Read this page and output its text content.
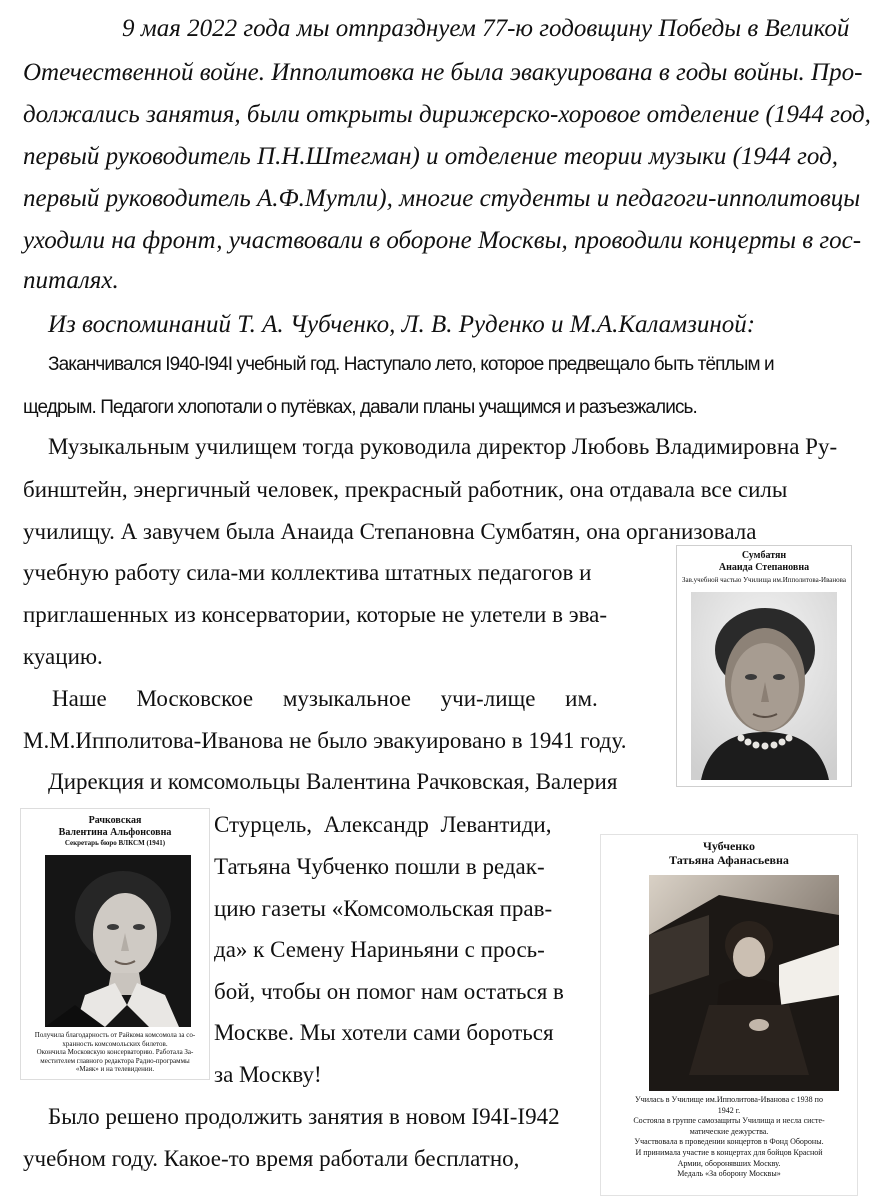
9 мая 2022 года мы отпразднуем 77-ю годовщину Победы в Великой
Отечественной войне. Ипполитовка не была эвакуирована в годы войны. Про-
должались занятия, были открыты дирижерско-хоровое отделение (1944 год,
первый руководитель П.Н.Штегман) и отделение теории музыки (1944 год,
первый руководитель А.Ф.Мутли), многие студенты и педагоги-ипполитовцы
уходили на фронт, участвовали в обороне Москвы, проводили концерты в гос-
питалях.
Из воспоминаний Т. А. Чубченко, Л. В. Руденко и М.А.Каламзиной:
Заканчивался I940-I94I учебный год. Наступало лето, которое предвещало быть тёплым и
щедрым. Педагоги хлопотали о путёвках, давали планы учащимся и разъезжались.
Музыкальным училищем тогда руководила директор Любовь Владимировна Ру-
бинштейн, энергичный человек, прекрасный работник, она отдавала все силы
училищу. А завучем была Анаида Степановна Сумбатян, она организовала
учебную работу сила-ми коллектива штатных педагогов и
приглашенных из консерватории, которые не улетели в эва-
куацию.
Наше Московское музыкальное учи-лище им.
М.М.Ипполитова-Иванова не было эвакуировано в 1941 году.
Дирекция и комсомольцы Валентина Рачковская, Валерия
Стурцель, Александр Левантиди,
Татьяна Чубченко пошли в редак-
цию газеты «Комсомольская прав-
да» к Семену Нариньяни с прось-
бой, чтобы он помог нам остаться в
Москве. Мы хотели сами бороться
за Москву!
Было решено продолжить занятия в новом I94I-I942
учебном году. Какое-то время работали бесплатно,
Сумбатян
Анаида Степановна
Зав.учебной частью Училища им.Ипполитова-Иванова
Рачковская
Валентина Альфонсовна
Секретарь бюро ВЛКСМ (1941)
Получила благодарность от Райкома комсомола за со-
хранность комсомольских билетов.
Окончила Московскую консерваторию. Работала За-
местителем главного редактора Радио-программы
«Маяк» и на телевидении.
Чубченко
Татьяна Афанасьевна
Училась в Училище им.Ипполитова-Иванова с 1938 по
1942 г.
Состояла в группе самозащиты Училища и несла систе-
матические дежурства.
Участвовала в проведении концертов в Фонд Обороны.
И принимала участие в концертах для бойцов Красной
Армии, оборонявших Москву.
Медаль «За оборону Москвы»
